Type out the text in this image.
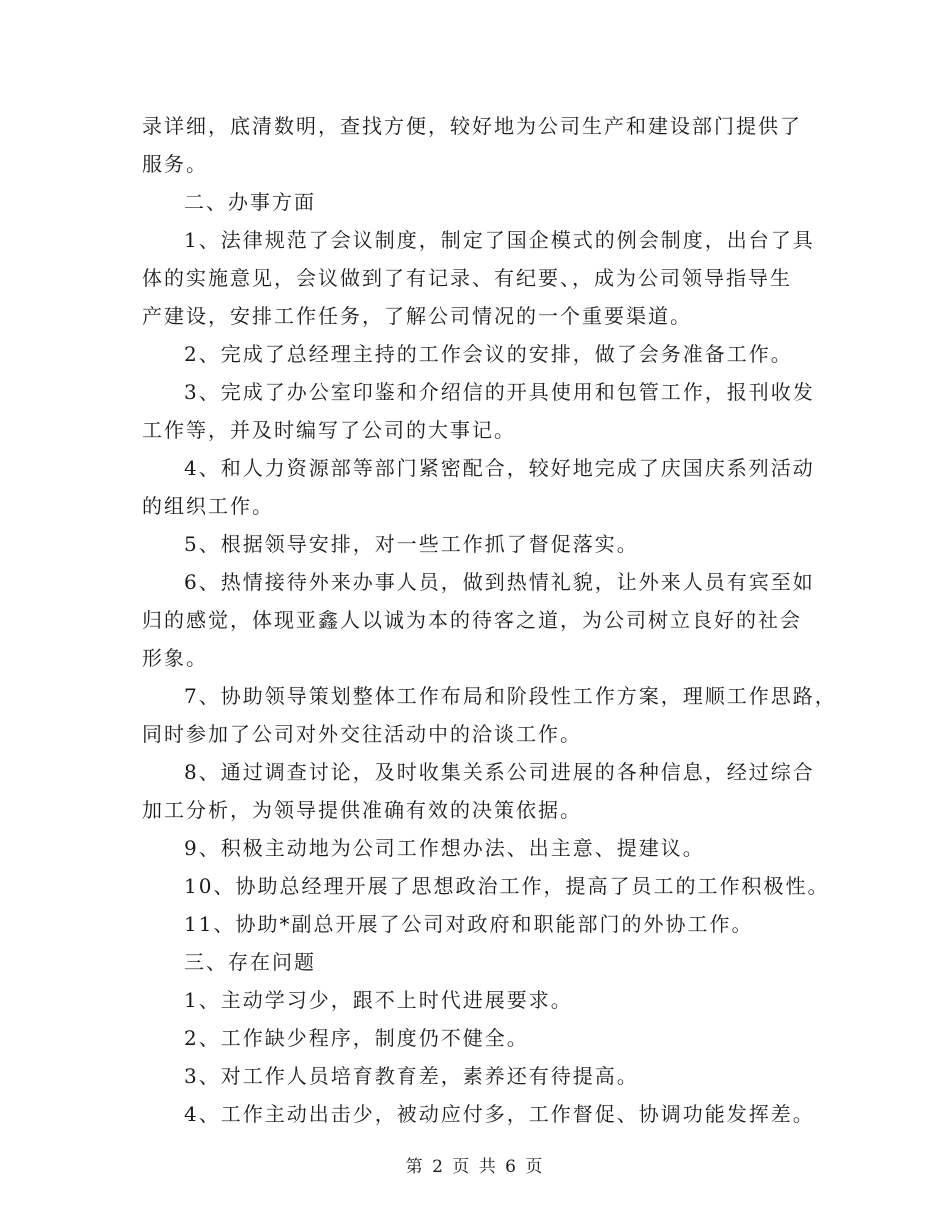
录详细，底清数明，查找方便，较好地为公司生产和建设部门提供了
服务。
二、办事方面
1、法律规范了会议制度，制定了国企模式的例会制度，出台了具
体的实施意见，会议做到了有记录、有纪要、，成为公司领导指导生
产建设，安排工作任务，了解公司情况的一个重要渠道。
2、完成了总经理主持的工作会议的安排，做了会务准备工作。
3、完成了办公室印鉴和介绍信的开具使用和包管工作，报刊收发
工作等，并及时编写了公司的大事记。
4、和人力资源部等部门紧密配合，较好地完成了庆国庆系列活动
的组织工作。
5、根据领导安排，对一些工作抓了督促落实。
6、热情接待外来办事人员，做到热情礼貌，让外来人员有宾至如
归的感觉，体现亚鑫人以诚为本的待客之道，为公司树立良好的社会
形象。
7、协助领导策划整体工作布局和阶段性工作方案，理顺工作思路，
同时参加了公司对外交往活动中的洽谈工作。
8、通过调查讨论，及时收集关系公司进展的各种信息，经过综合
加工分析，为领导提供准确有效的决策依据。
9、积极主动地为公司工作想办法、出主意、提建议。
10、协助总经理开展了思想政治工作，提高了员工的工作积极性。
11、协助*副总开展了公司对政府和职能部门的外协工作。
三、存在问题
1、主动学习少，跟不上时代进展要求。
2、工作缺少程序，制度仍不健全。
3、对工作人员培育教育差，素养还有待提高。
4、工作主动出击少，被动应付多，工作督促、协调功能发挥差。
第 2 页 共 6 页
